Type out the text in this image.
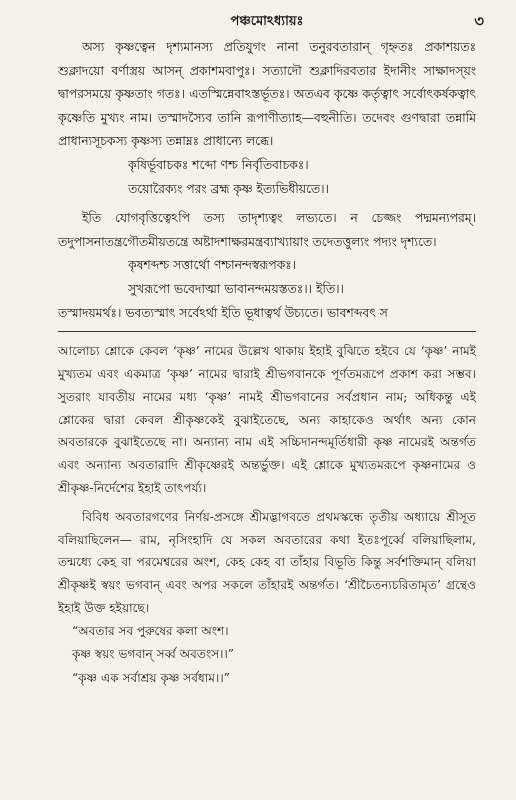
পঞ্চমোঽধ্যায়ঃ	৩

অস্য কৃষ্ণত্বেন দৃশ্যমানস্য প্রতিযুগং নানা তনুরবতারান্ গৃহ্নতঃ প্রকাশয়তঃ শুক্লাদয়ো বর্ণাস্ত্রয় আসন্ প্রকাশমবাপুঃ। সত্যাদৌ শুক্লাদিরবতার ইদানীং সাক্ষাদস্য়ং দ্বাপরসময়ে কৃষ্ণতাং গতঃ। এতস্মিন্নেবাঽস্তর্ভূতঃ। অতএব কৃষ্ণে কর্তৃত্বাৎ সর্বোৎকর্ষকত্বাৎ কৃষ্ণেতি মুখ্যং নাম। তস্মাদস্যৈব তানি রূপাণীত্যাহ—বহুনীতি। তদেবং গুণদ্বারা তন্নামি প্রাধান্যসূচকস্য কৃষ্ণস্য তন্নাম্নঃ প্রাধান্যে লব্ধে।

কৃষির্ভূবাচকঃ শব্দো ণশ্চ নির্বৃতিবাচকঃ।
তয়োরৈক্যং পরং ব্রহ্ম কৃষ্ণ ইত্যভিধীয়তে।।

ইতি যোগবৃত্তিত্বেঽপি তস্য তাদৃশ্যত্বং লভ্যতে। ন চেজ্জং পদ্মমন্যপরম্। তদুপাসনাতন্ত্রগৌতমীয়তন্ত্রে অষ্টাদশাক্ষরমন্ত্রব্যাখ্যায়াং তদেতত্তুল্যং পদ্যং দৃশ্যতে।

কৃষশব্দশ্চ সত্তার্থো ণশ্চানন্দস্বরূপকঃ।
সুখরূপো ভবেদাত্মা ভাবানন্দময়স্ততঃ।। ইতি।।

তস্মাদয়মর্থঃ। ভবত্যস্মাৎ সর্বেঽর্থা ইতি ভূধাত্বর্থ উচ্যতে। ভাবশব্দবৎ স

আলোচ্য শ্লোকে কেবল ‘কৃষ্ণ’ নামের উল্লেখ থাকায় ইহাই বুঝিতে হইবে যে ‘কৃষ্ণ’ নামই মুখ্যতম এবং একমাত্র ‘কৃষ্ণ’ নামের দ্বারাই শ্রীভগবানকে পূর্ণতমরূপে প্রকাশ করা সম্ভব। সুতরাং যাবতীয় নামের মধ্য ‘কৃষ্ণ’ নামই শ্রীভগবানের সর্বপ্রধান নাম; অধিকন্তু এই শ্লোকের দ্বারা কেবল শ্রীকৃষ্ণকেই বুঝাইতেছে, অন্য কাহাকেও অর্থাৎ অন্য কোন অবতারকে বুঝাইতেছে না। অন্যান্য নাম এই সচ্চিদানন্দমূর্তিধারী কৃষ্ণ নামেরই অন্তর্গত এবং অন্যান্য অবতারাদি শ্রীকৃষ্ণেরই অন্তর্ভুক্ত। এই শ্লোকে মুখ্যতমরূপে কৃষ্ণনামের ও শ্রীকৃষ্ণ-নির্দেশের ইহাই তাৎপর্য্য।

বিবিধ অবতারগণের নির্ণয়-প্রসঙ্গে শ্রীমদ্ভাগবতে প্রথমস্কন্ধে তৃতীয় অধ্যায়ে শ্রীসূত বলিয়াছিলেন— রাম, নৃসিংহাদি যে সকল অবতারের কথা ইতঃপূর্ব্বে বলিয়াছিলাম, তন্মধ্যে কেহ বা পরমেশ্বরের অংশ, কেহ কেহ বা তাঁহার বিভূতি কিন্তু সর্বশক্তিমান্ বলিয়া শ্রীকৃষ্ণই স্বয়ং ভগবান্ এবং অপর সকলে তাঁহারই অন্তর্গত। ‘শ্রীচৈতন্যচরিতামৃত’ গ্রন্থেও ইহাই উক্ত হইয়াছে।

“অবতার সব পুরুষের কলা অংশ।
কৃষ্ণ স্বয়ং ভগবান্ সর্ব্ব অবতংস।।”
“কৃষ্ণ এক সর্বাশ্রয় কৃষ্ণ সর্বধাম।।”
